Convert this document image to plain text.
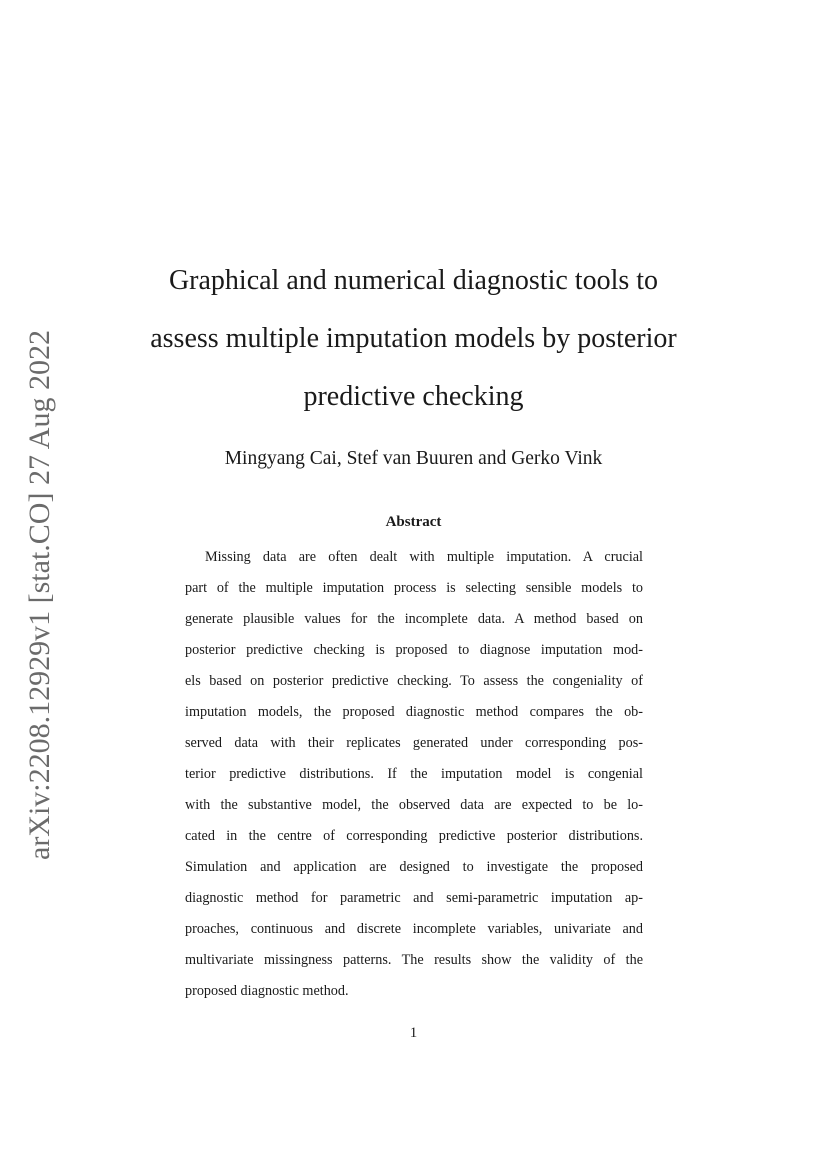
arXiv:2208.12929v1 [stat.CO] 27 Aug 2022
Graphical and numerical diagnostic tools to
assess multiple imputation models by posterior
predictive checking
Mingyang Cai, Stef van Buuren and Gerko Vink
Abstract
Missing data are often dealt with multiple imputation. A crucial
part of the multiple imputation process is selecting sensible models to
generate plausible values for the incomplete data. A method based on
posterior predictive checking is proposed to diagnose imputation mod-
els based on posterior predictive checking. To assess the congeniality of
imputation models, the proposed diagnostic method compares the ob-
served data with their replicates generated under corresponding pos-
terior predictive distributions. If the imputation model is congenial
with the substantive model, the observed data are expected to be lo-
cated in the centre of corresponding predictive posterior distributions.
Simulation and application are designed to investigate the proposed
diagnostic method for parametric and semi-parametric imputation ap-
proaches, continuous and discrete incomplete variables, univariate and
multivariate missingness patterns. The results show the validity of the
proposed diagnostic method.
1
